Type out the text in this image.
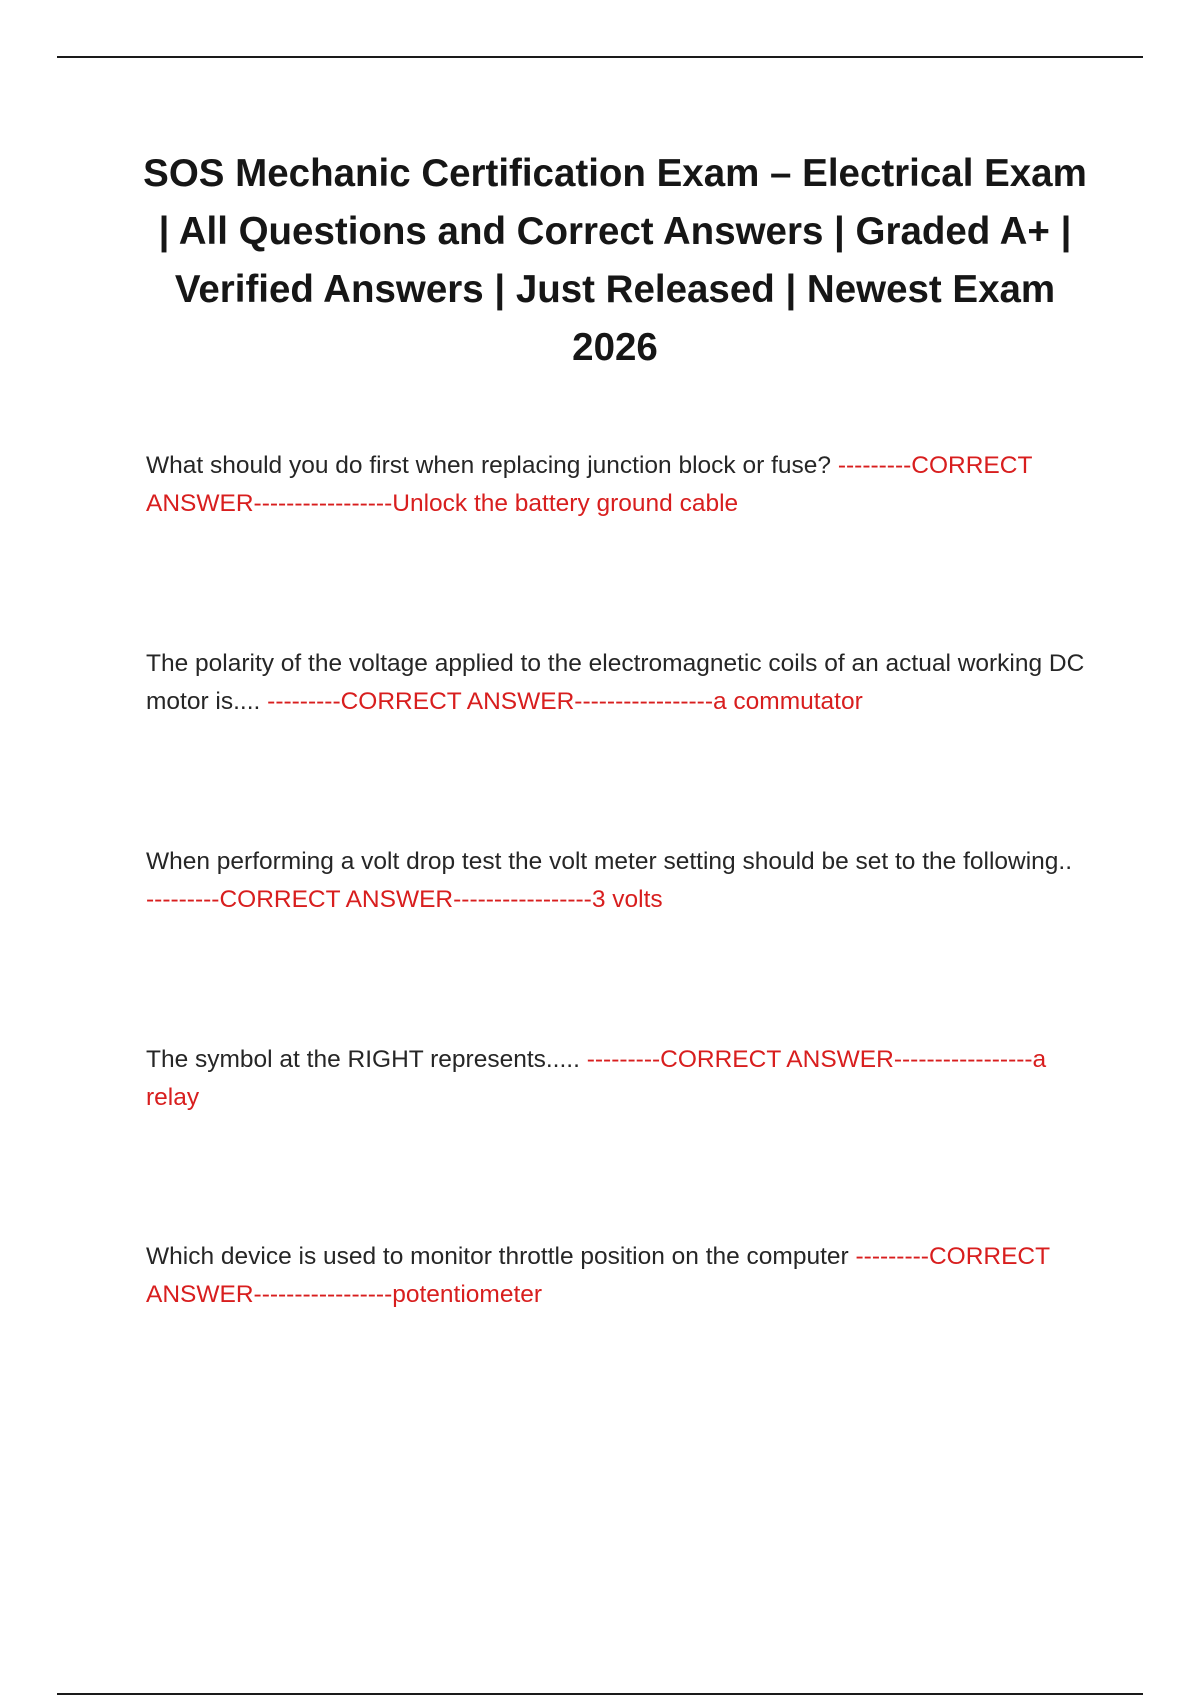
SOS Mechanic Certification Exam – Electrical Exam | All Questions and Correct Answers | Graded A+ | Verified Answers | Just Released | Newest Exam 2026

What should you do first when replacing junction block or fuse? ---------CORRECT ANSWER-----------------Unlock the battery ground cable

The polarity of the voltage applied to the electromagnetic coils of an actual working DC motor is.... ---------CORRECT ANSWER-----------------a commutator

When performing a volt drop test the volt meter setting should be set to the following.. ---------CORRECT ANSWER-----------------3 volts

The symbol at the RIGHT represents..... ---------CORRECT ANSWER-----------------a relay

Which device is used to monitor throttle position on the computer ---------CORRECT ANSWER-----------------potentiometer
